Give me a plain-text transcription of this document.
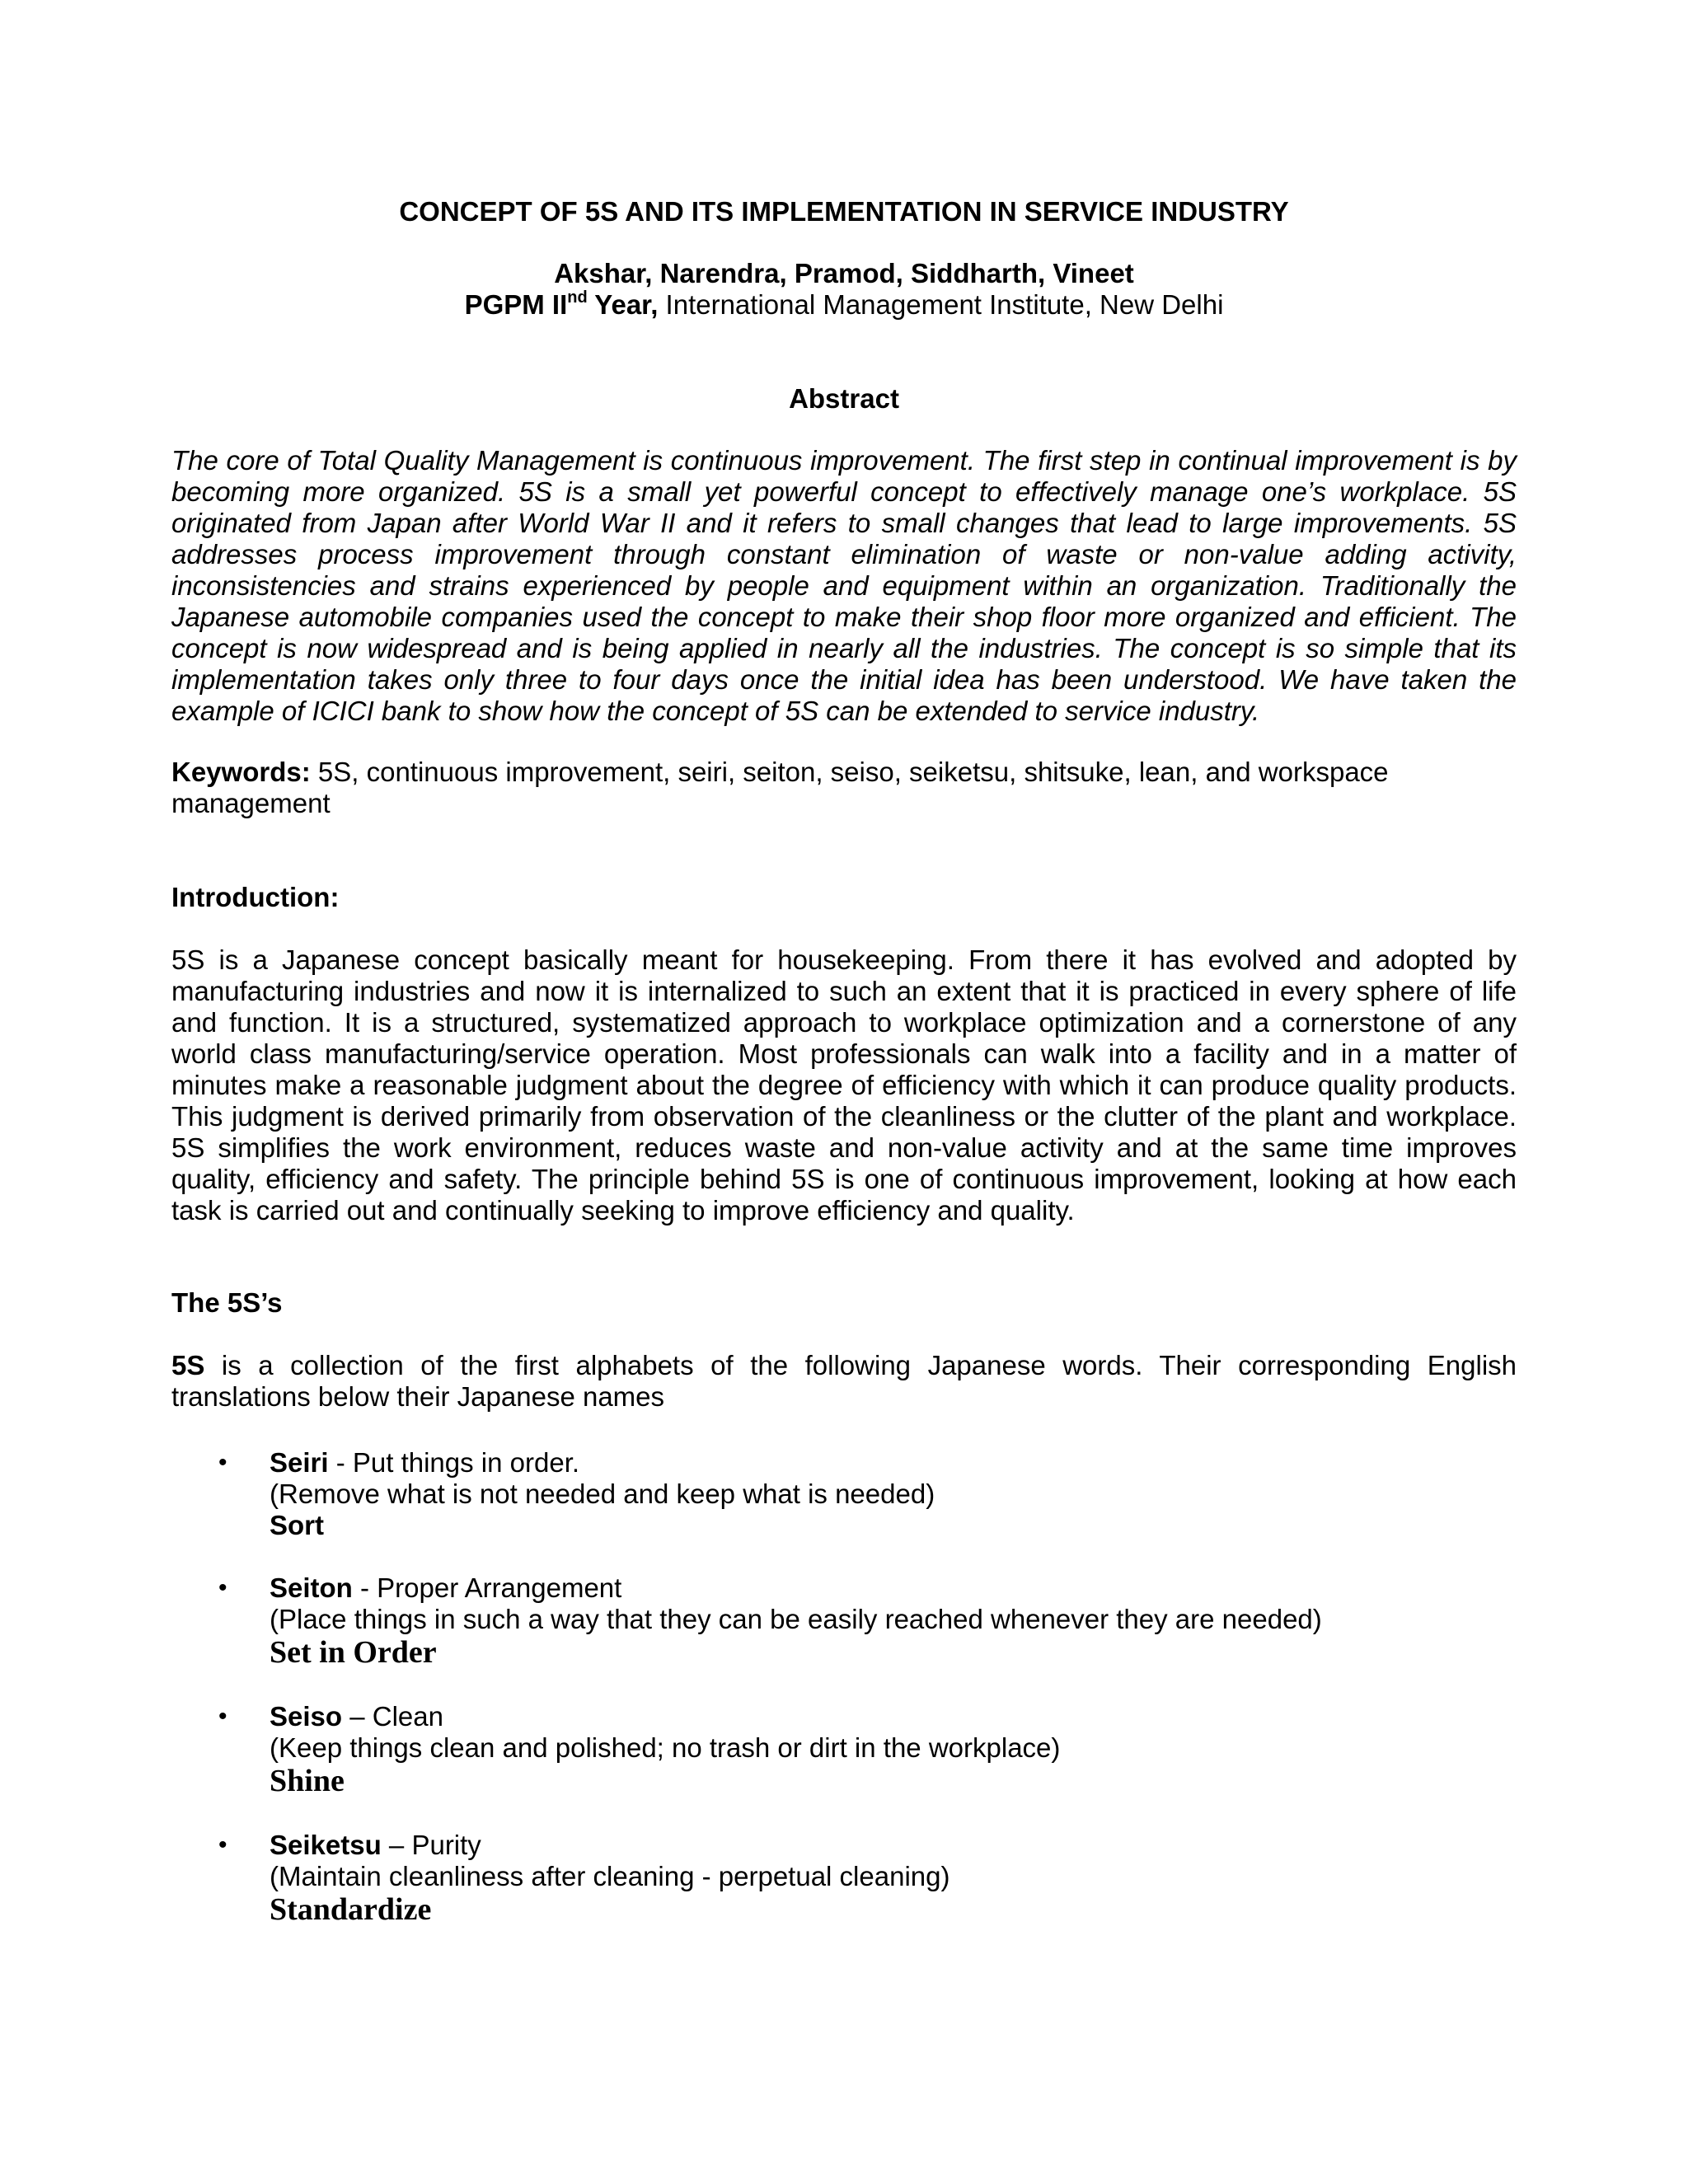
CONCEPT OF 5S AND ITS IMPLEMENTATION IN SERVICE INDUSTRY

Akshar, Narendra, Pramod, Siddharth, Vineet

PGPM IInd Year, International Management Institute, New Delhi

Abstract

The core of Total Quality Management is continuous improvement. The first step in continual improvement is by becoming more organized. 5S is a small yet powerful concept to effectively manage one’s workplace. 5S originated from Japan after World War II and it refers to small changes that lead to large improvements. 5S addresses process improvement through constant elimination of waste or non-value adding activity, inconsistencies and strains experienced by people and equipment within an organization. Traditionally the Japanese automobile companies used the concept to make their shop floor more organized and efficient. The concept is now widespread and is being applied in nearly all the industries. The concept is so simple that its implementation takes only three to four days once the initial idea has been understood. We have taken the example of ICICI bank to show how the concept of 5S can be extended to service industry.

Keywords: 5S, continuous improvement, seiri, seiton, seiso, seiketsu, shitsuke, lean, and workspace management

Introduction:

5S is a Japanese concept basically meant for housekeeping. From there it has evolved and adopted by manufacturing industries and now it is internalized to such an extent that it is practiced in every sphere of life and function. It is a structured, systematized approach to workplace optimization and a cornerstone of any world class manufacturing/service operation. Most professionals can walk into a facility and in a matter of minutes make a reasonable judgment about the degree of efficiency with which it can produce quality products. This judgment is derived primarily from observation of the cleanliness or the clutter of the plant and workplace. 5S simplifies the work environment, reduces waste and non-value activity and at the same time improves quality, efficiency and safety. The principle behind 5S is one of continuous improvement, looking at how each task is carried out and continually seeking to improve efficiency and quality.

The 5S’s

5S is a collection of the first alphabets of the following Japanese words. Their corresponding English translations below their Japanese names

• Seiri - Put things in order.
(Remove what is not needed and keep what is needed)
Sort
• Seiton - Proper Arrangement
(Place things in such a way that they can be easily reached whenever they are needed)
Set in Order
• Seiso – Clean
(Keep things clean and polished; no trash or dirt in the workplace)
Shine
• Seiketsu – Purity
(Maintain cleanliness after cleaning - perpetual cleaning)
Standardize
